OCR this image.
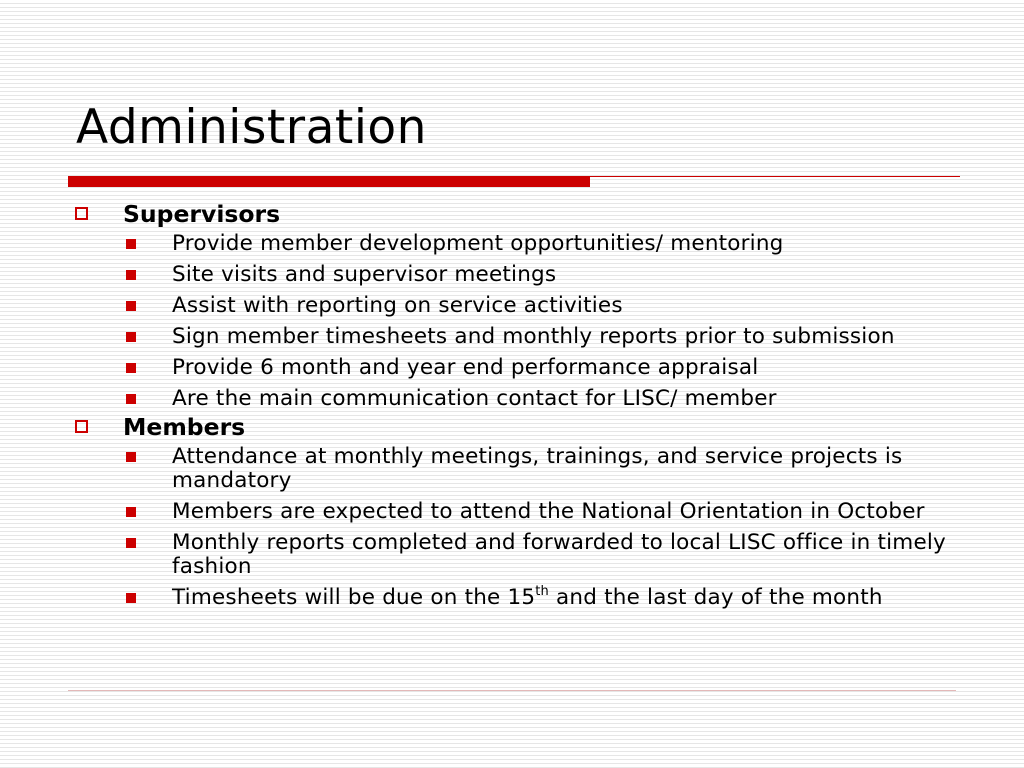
Administration
Supervisors
Provide member development opportunities/ mentoring
Site visits and supervisor meetings
Assist with reporting on service activities
Sign member timesheets and monthly reports prior to submission
Provide 6 month and year end performance appraisal
Are the main communication contact for LISC/ member
Members
Attendance at monthly meetings, trainings, and service projects is mandatory
Members are expected to attend the National Orientation in October
Monthly reports completed and forwarded to local LISC office in timely fashion
Timesheets will be due on the 15th and the last day of the month
